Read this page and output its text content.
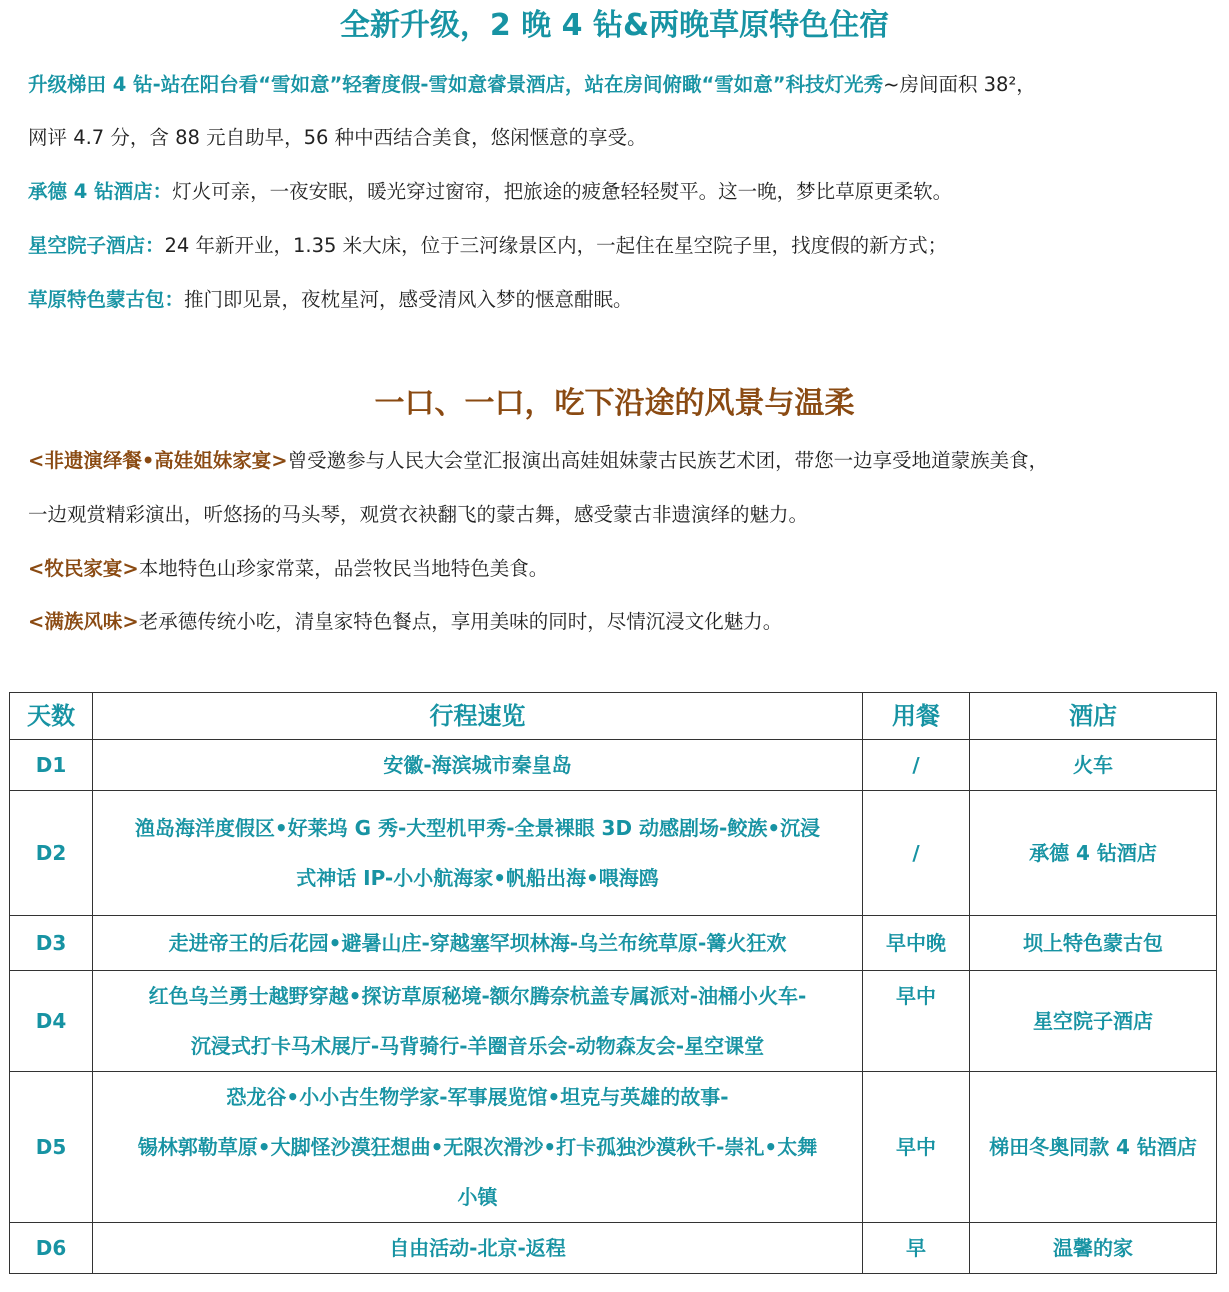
全新升级，2 晚 4 钻&两晚草原特色住宿

升级梯田 4 钻-站在阳台看“雪如意”轻奢度假-雪如意睿景酒店，站在房间俯瞰“雪如意”科技灯光秀~房间面积 38²，

网评 4.7 分，含 88 元自助早，56 种中西结合美食，悠闲惬意的享受。

承德 4 钻酒店：灯火可亲，一夜安眠，暖光穿过窗帘，把旅途的疲惫轻轻熨平。这一晚，梦比草原更柔软。

星空院子酒店：24 年新开业，1.35 米大床，位于三河缘景区内，一起住在星空院子里，找度假的新方式；

草原特色蒙古包：推门即见景，夜枕星河，感受清风入梦的惬意酣眠。

一口、一口，吃下沿途的风景与温柔

<非遗演绎餐•高娃姐妹家宴>曾受邀参与人民大会堂汇报演出高娃姐妹蒙古民族艺术团，带您一边享受地道蒙族美食，

一边观赏精彩演出，听悠扬的马头琴，观赏衣袂翻飞的蒙古舞，感受蒙古非遗演绎的魅力。

<牧民家宴>本地特色山珍家常菜，品尝牧民当地特色美食。

<满族风味>老承德传统小吃，清皇家特色餐点，享用美味的同时，尽情沉浸文化魅力。

天数	行程速览	用餐	酒店
D1	安徽-海滨城市秦皇岛	/	火车
D2	渔岛海洋度假区•好莱坞 G 秀-大型机甲秀-全景裸眼 3D 动感剧场-鲛族•沉浸
式神话 IP-小小航海家•帆船出海•喂海鸥	/	承德 4 钻酒店
D3	走进帝王的后花园•避暑山庄-穿越塞罕坝林海-乌兰布统草原-篝火狂欢	早中晚	坝上特色蒙古包
D4	红色乌兰勇士越野穿越•探访草原秘境-额尔腾奈杭盖专属派对-油桶小火车-
沉浸式打卡马术展厅-马背骑行-羊圈音乐会-动物森友会-星空课堂	早中	星空院子酒店
D5	恐龙谷•小小古生物学家-军事展览馆•坦克与英雄的故事-
锡林郭勒草原•大脚怪沙漠狂想曲•无限次滑沙•打卡孤独沙漠秋千-崇礼•太舞
小镇	早中	梯田冬奥同款 4 钻酒店
D6	自由活动-北京-返程	早	温馨的家
